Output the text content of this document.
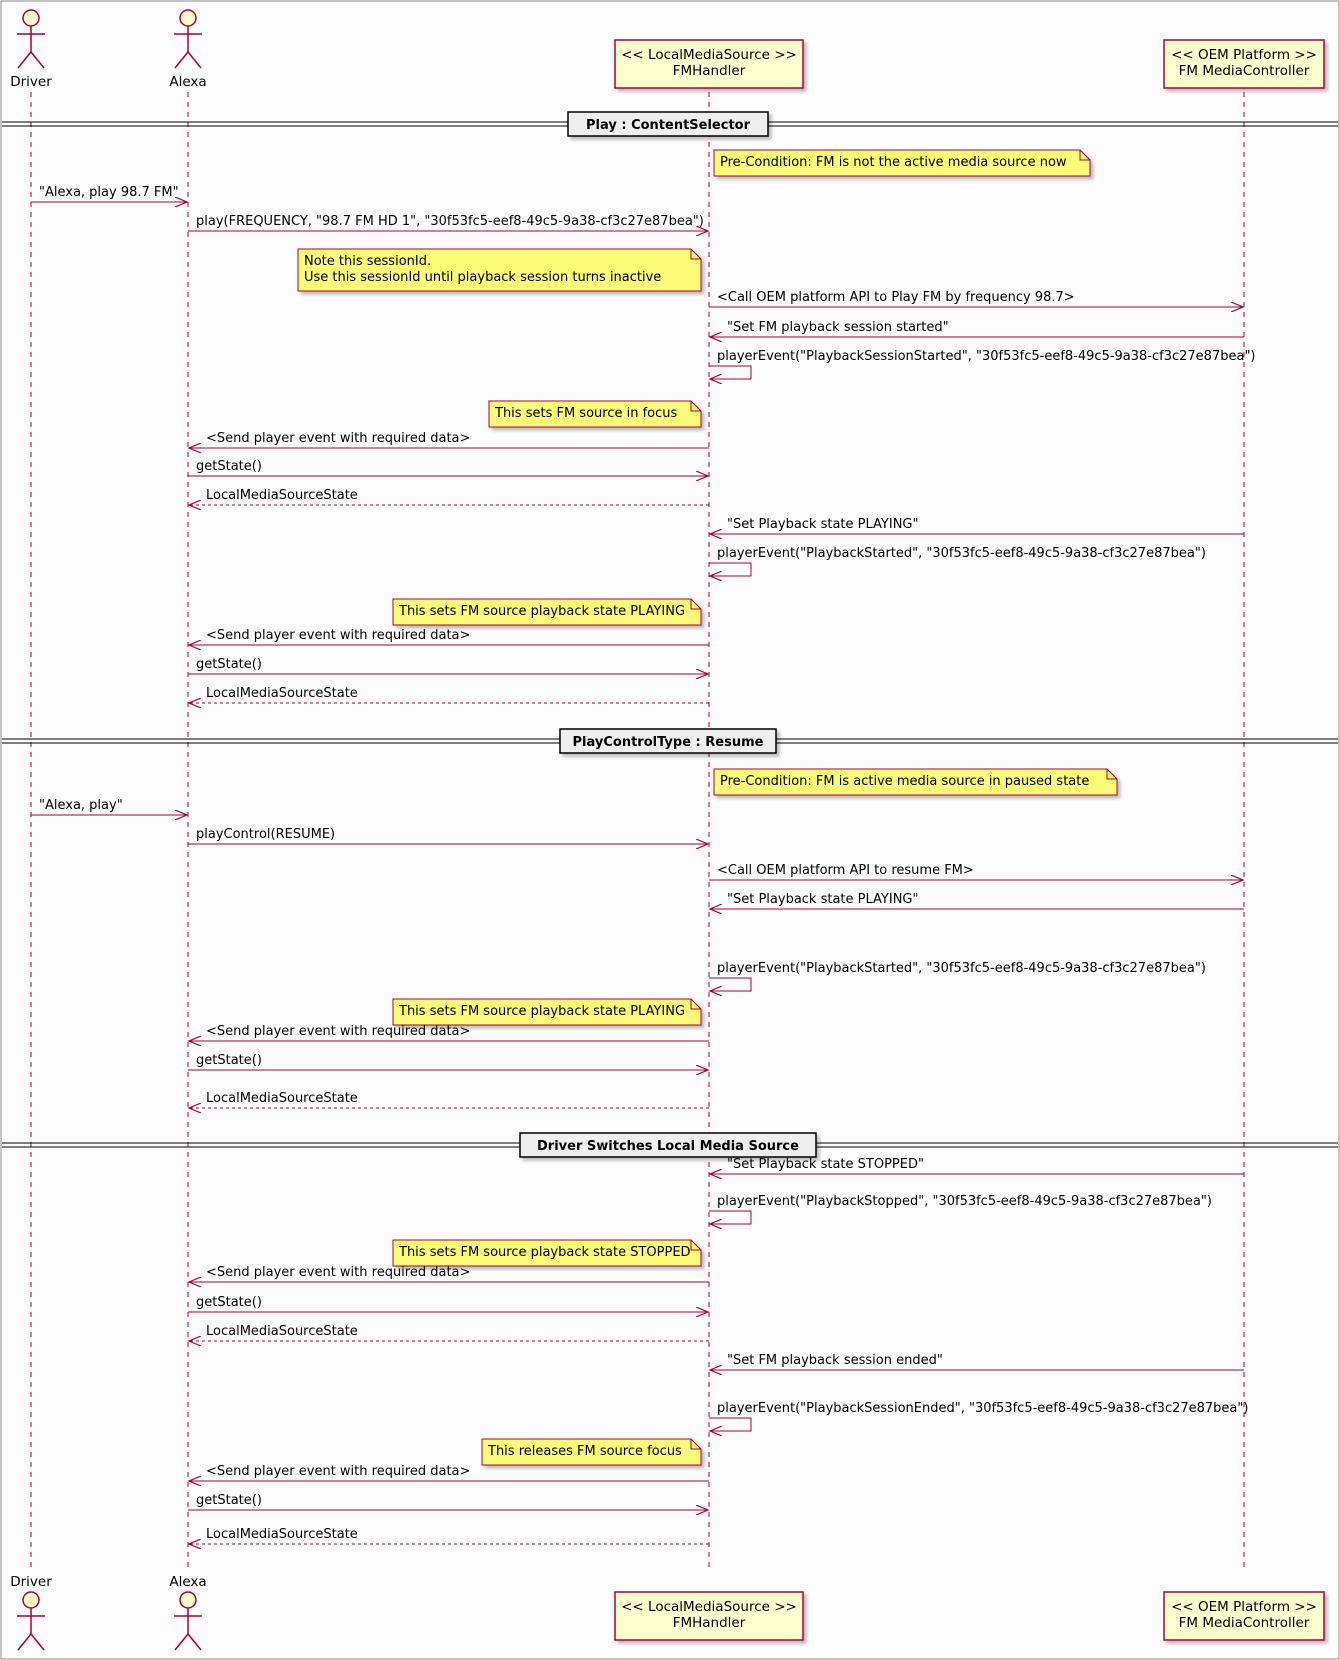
Driver
Driver
Alexa
Alexa
<< LocalMediaSource >>
FMHandler
<< LocalMediaSource >>
FMHandler
<< OEM Platform >>
FM MediaController
<< OEM Platform >>
FM MediaController
Play : ContentSelector
Pre-Condition: FM is not the active media source now
"Alexa, play 98.7 FM"
play(FREQUENCY, "98.7 FM HD 1", "30f53fc5-eef8-49c5-9a38-cf3c27e87bea")
Note this sessionId.
Use this sessionId until playback session turns inactive
<Call OEM platform API to Play FM by frequency 98.7>
"Set FM playback session started"
playerEvent("PlaybackSessionStarted", "30f53fc5-eef8-49c5-9a38-cf3c27e87bea")
This sets FM source in focus
<Send player event with required data>
getState()
LocalMediaSourceState
"Set Playback state PLAYING"
playerEvent("PlaybackStarted", "30f53fc5-eef8-49c5-9a38-cf3c27e87bea")
This sets FM source playback state PLAYING
<Send player event with required data>
getState()
LocalMediaSourceState
PlayControlType : Resume
Pre-Condition: FM is active media source in paused state
"Alexa, play"
playControl(RESUME)
<Call OEM platform API to resume FM>
"Set Playback state PLAYING"
playerEvent("PlaybackStarted", "30f53fc5-eef8-49c5-9a38-cf3c27e87bea")
This sets FM source playback state PLAYING
<Send player event with required data>
getState()
LocalMediaSourceState
Driver Switches Local Media Source
"Set Playback state STOPPED"
playerEvent("PlaybackStopped", "30f53fc5-eef8-49c5-9a38-cf3c27e87bea")
This sets FM source playback state STOPPED
<Send player event with required data>
getState()
LocalMediaSourceState
"Set FM playback session ended"
playerEvent("PlaybackSessionEnded", "30f53fc5-eef8-49c5-9a38-cf3c27e87bea")
This releases FM source focus
<Send player event with required data>
getState()
LocalMediaSourceState
